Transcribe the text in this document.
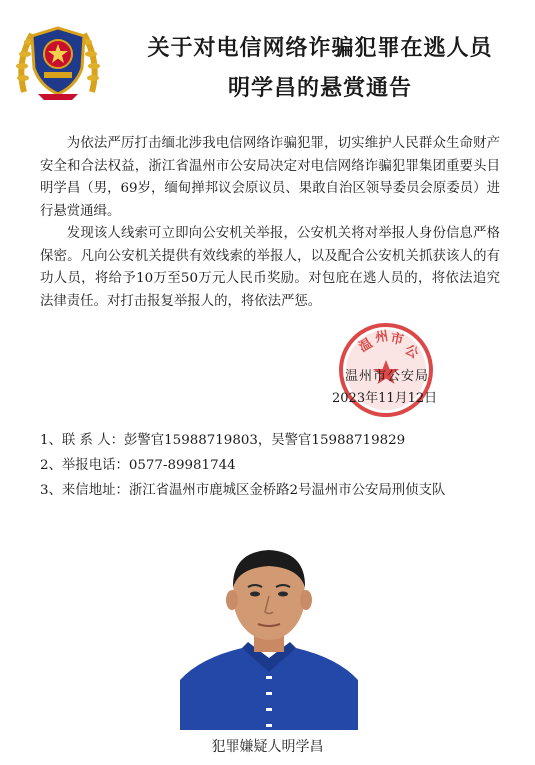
关于对电信网络诈骗犯罪在逃人员
明学昌的悬赏通告

为依法严厉打击缅北涉我电信网络诈骗犯罪，切实维护人民群众生命财产安全和合法权益，浙江省温州市公安局决定对电信网络诈骗犯罪集团重要头目明学昌（男，69岁，缅甸掸邦议会原议员、果敢自治区领导委员会原委员）进行悬赏通缉。

发现该人线索可立即向公安机关举报，公安机关将对举报人身份信息严格保密。凡向公安机关提供有效线索的举报人，以及配合公安机关抓获该人的有功人员，将给予10万至50万元人民币奖励。对包庇在逃人员的，将依法追究法律责任。对打击报复举报人的，将依法严惩。

温
州 市
公
温州市公安局
2023年11月12日
1、联 系 人：彭警官15988719803，吴警官15988719829
2、举报电话：0577-89981744
3、来信地址：浙江省温州市鹿城区金桥路2号温州市公安局刑侦支队
犯罪嫌疑人明学昌
